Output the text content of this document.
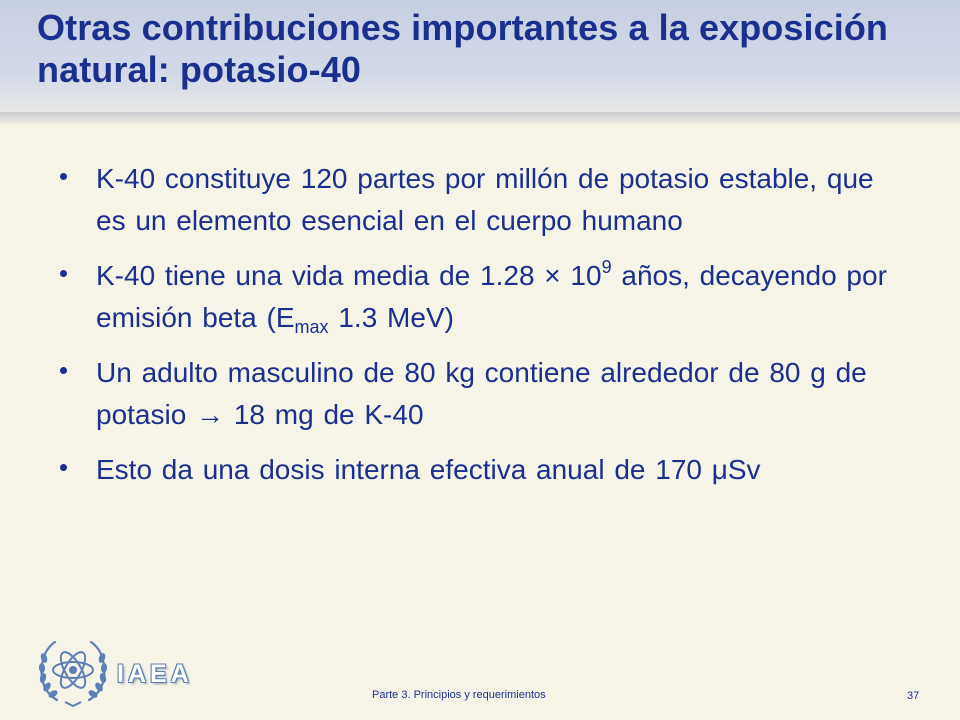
Otras contribuciones importantes a la exposición natural: potasio-40
K-40 constituye 120 partes por millón de potasio estable, que es un elemento esencial en el cuerpo humano
K-40 tiene una vida media de $1.28 \times 10^9$ años, decayendo por emisión beta ($E_{max}$ 1.3 MeV)
Un adulto masculino de 80 kg contiene alrededor de 80 g de potasio → 18 mg de K-40
Esto da una dosis interna efectiva anual de 170 μSv
IAEA
Parte 3. Principios y requerimientos	37
